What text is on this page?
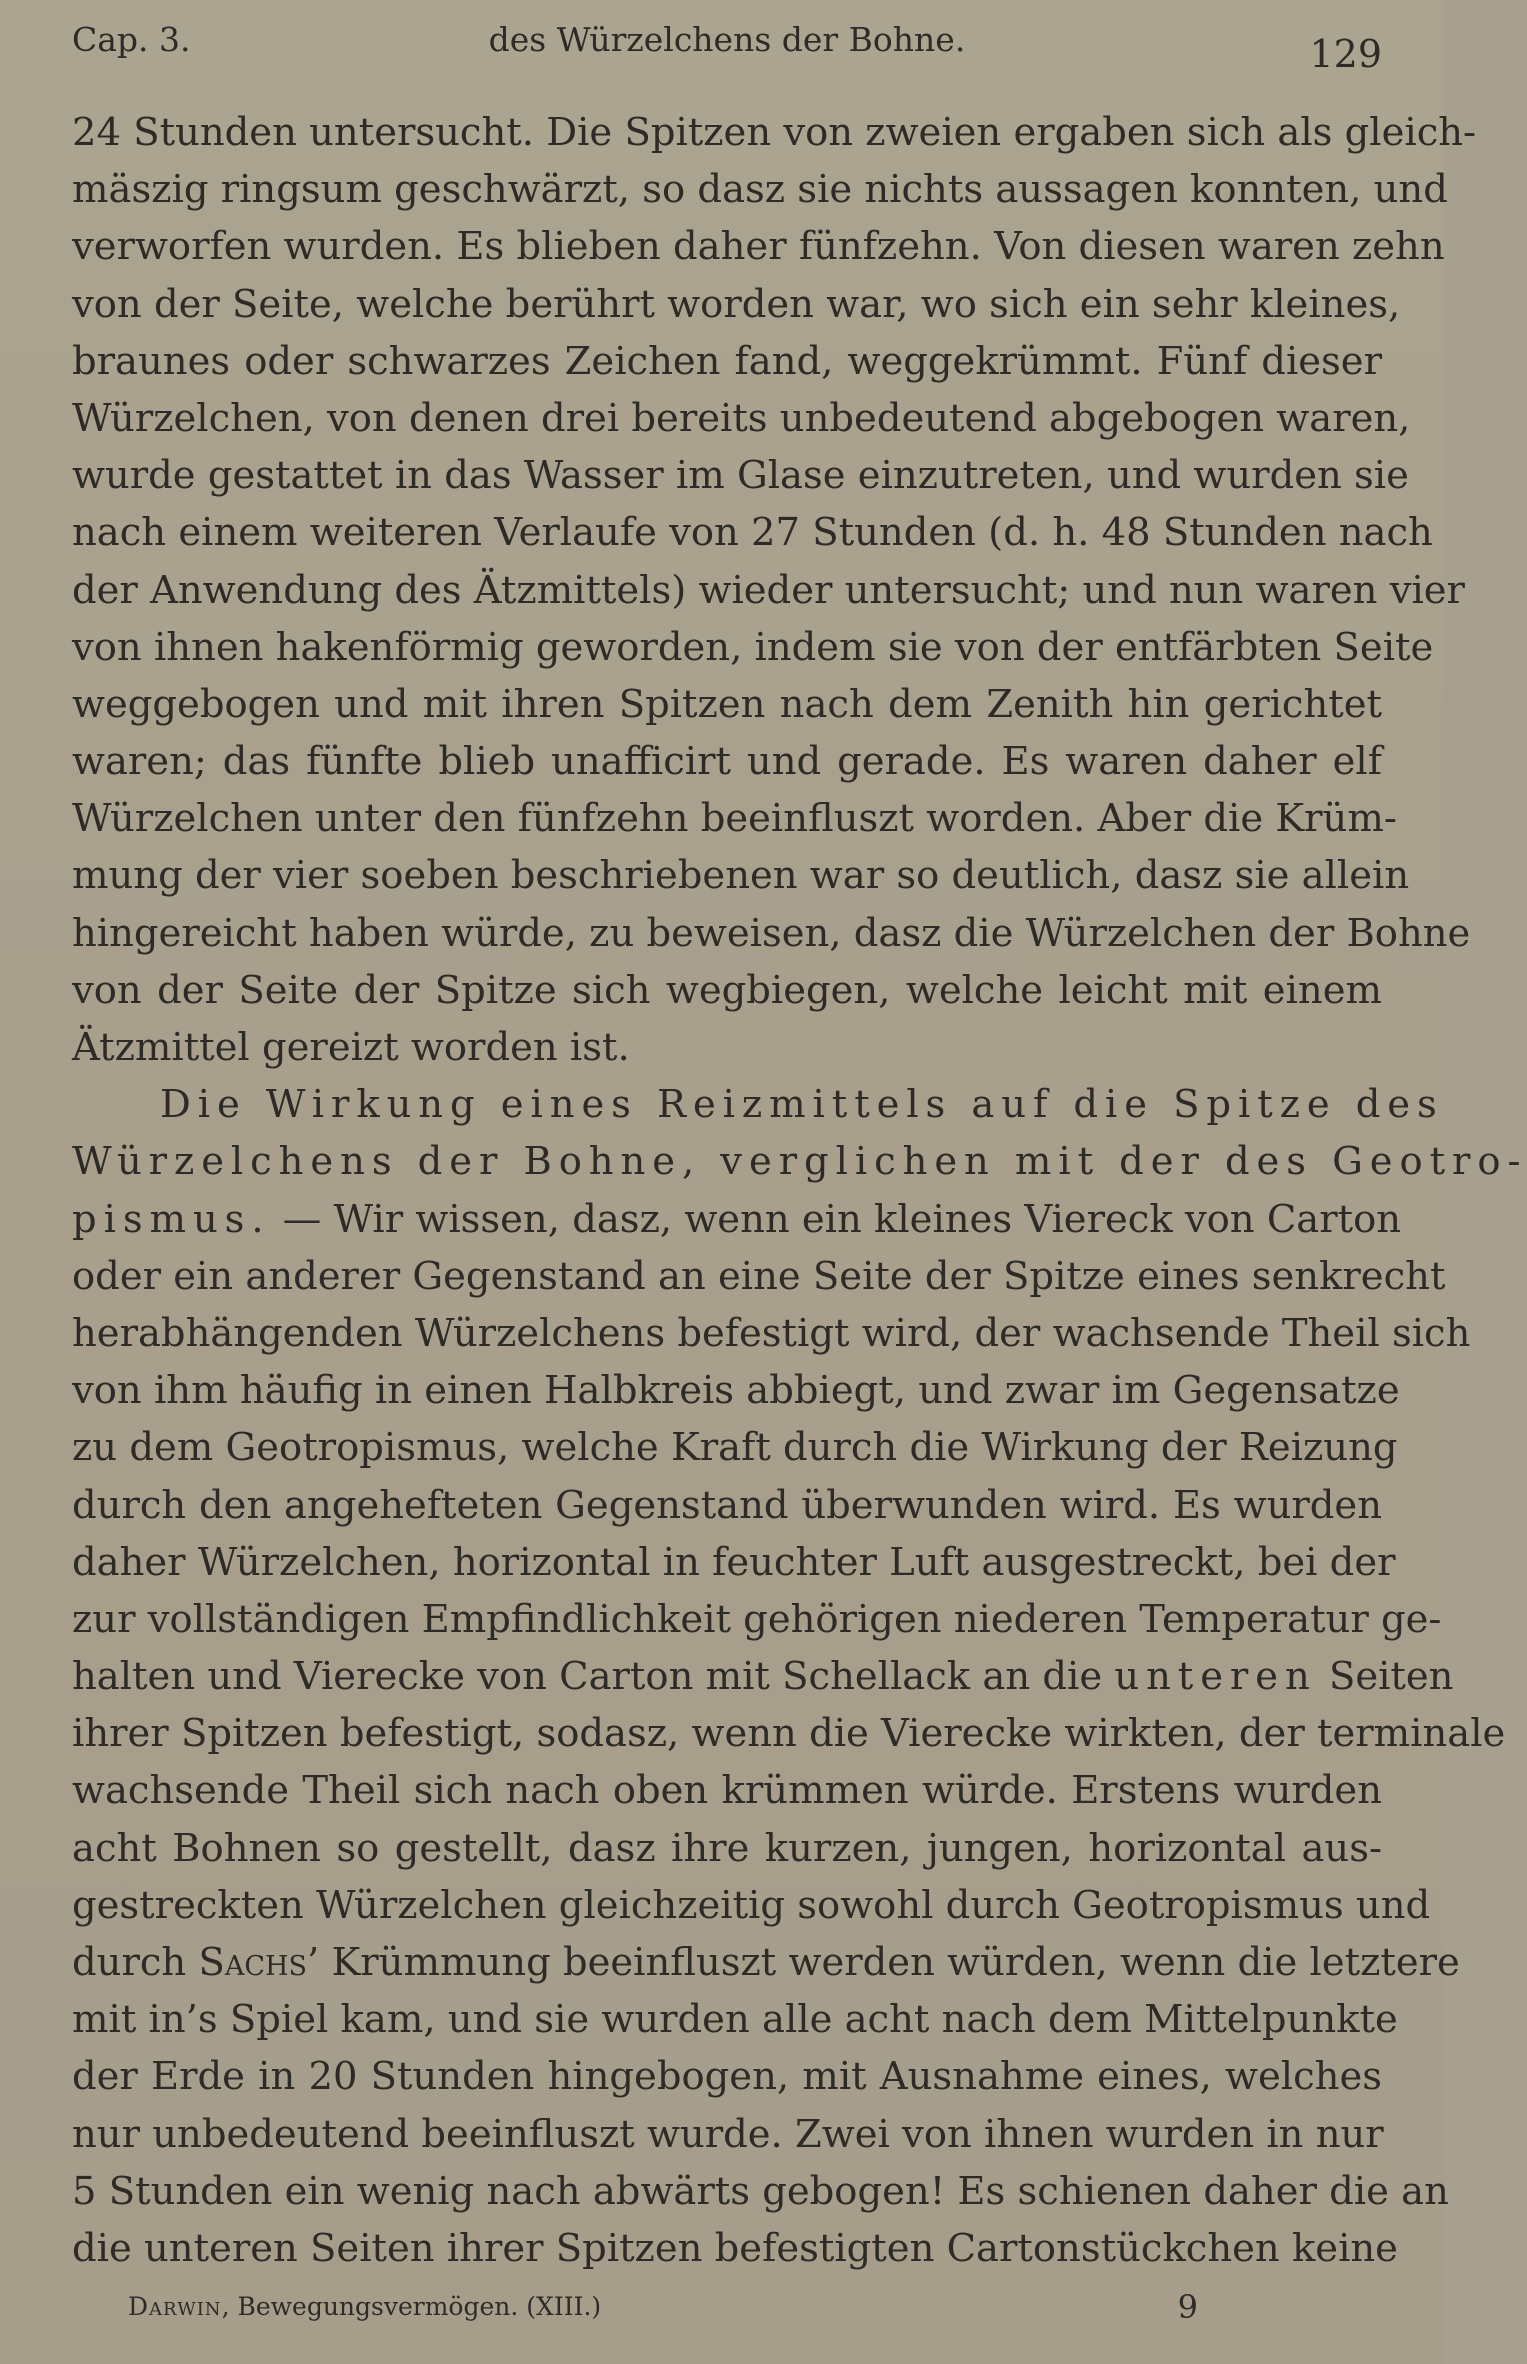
Cap. 3.	des Würzelchens der Bohne.	129
24 Stunden untersucht. Die Spitzen von zweien ergaben sich als gleich-
mäszig ringsum geschwärzt, so dasz sie nichts aussagen konnten, und
verworfen wurden. Es blieben daher fünfzehn. Von diesen waren zehn
von der Seite, welche berührt worden war, wo sich ein sehr kleines,
braunes oder schwarzes Zeichen fand, weggekrümmt. Fünf dieser
Würzelchen, von denen drei bereits unbedeutend abgebogen waren,
wurde gestattet in das Wasser im Glase einzutreten, und wurden sie
nach einem weiteren Verlaufe von 27 Stunden (d. h. 48 Stunden nach
der Anwendung des Ätzmittels) wieder untersucht; und nun waren vier
von ihnen hakenförmig geworden, indem sie von der entfärbten Seite
weggebogen und mit ihren Spitzen nach dem Zenith hin gerichtet
waren; das fünfte blieb unafficirt und gerade. Es waren daher elf
Würzelchen unter den fünfzehn beeinfluszt worden. Aber die Krüm-
mung der vier soeben beschriebenen war so deutlich, dasz sie allein
hingereicht haben würde, zu beweisen, dasz die Würzelchen der Bohne
von der Seite der Spitze sich wegbiegen, welche leicht mit einem
Ätzmittel gereizt worden ist.
Die Wirkung eines Reizmittels auf die Spitze des
Würzelchens der Bohne, verglichen mit der des Geotro-
pismus. — Wir wissen, dasz, wenn ein kleines Viereck von Carton
oder ein anderer Gegenstand an eine Seite der Spitze eines senkrecht
herabhängenden Würzelchens befestigt wird, der wachsende Theil sich
von ihm häufig in einen Halbkreis abbiegt, und zwar im Gegensatze
zu dem Geotropismus, welche Kraft durch die Wirkung der Reizung
durch den angehefteten Gegenstand überwunden wird. Es wurden
daher Würzelchen, horizontal in feuchter Luft ausgestreckt, bei der
zur vollständigen Empfindlichkeit gehörigen niederen Temperatur ge-
halten und Vierecke von Carton mit Schellack an die unteren Seiten
ihrer Spitzen befestigt, sodasz, wenn die Vierecke wirkten, der terminale
wachsende Theil sich nach oben krümmen würde. Erstens wurden
acht Bohnen so gestellt, dasz ihre kurzen, jungen, horizontal aus-
gestreckten Würzelchen gleichzeitig sowohl durch Geotropismus und
durch Sachs’ Krümmung beeinfluszt werden würden, wenn die letztere
mit in’s Spiel kam, und sie wurden alle acht nach dem Mittelpunkte
der Erde in 20 Stunden hingebogen, mit Ausnahme eines, welches
nur unbedeutend beeinfluszt wurde. Zwei von ihnen wurden in nur
5 Stunden ein wenig nach abwärts gebogen! Es schienen daher die an
die unteren Seiten ihrer Spitzen befestigten Cartonstückchen keine
Darwin, Bewegungsvermögen. (XIII.)	9
